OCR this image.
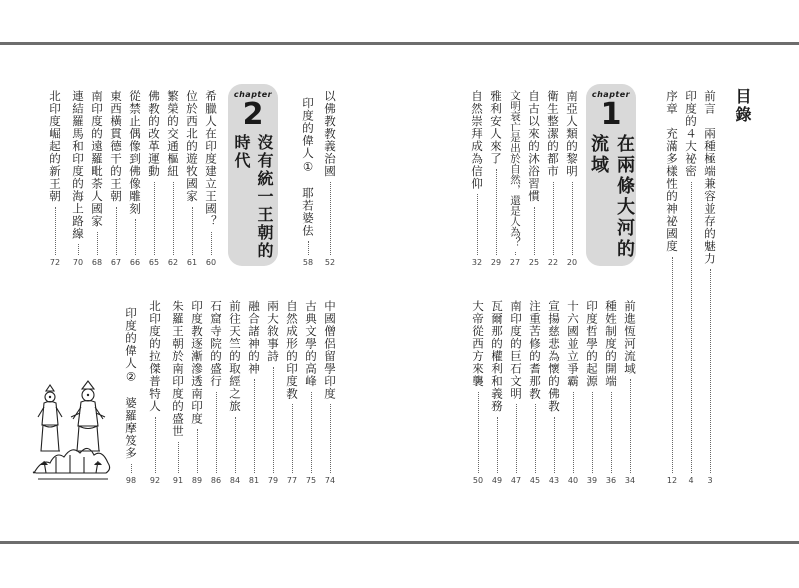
目錄
前言　兩種極端兼容並存的魅力
3
印度的４大祕密
4
序章　充滿多樣性的神祕國度
12
chapter
1
在兩條大河的流域
南亞人類的黎明
20
衛生整潔的都市
22
自古以來的沐浴習慣
25
文明衰亡是出於自然，還是人為？
27
雅利安人來了
29
自然崇拜成為信仰
32
前進恆河流域
34
種姓制度的開端
36
印度哲學的起源
39
十六國並立爭霸
40
宣揚慈悲為懷的佛教
43
注重苦修的耆那教
45
南印度的巨石文明
47
瓦爾那的權利和義務
49
大帝從西方來襲
50
以佛教教義治國
52
印度的偉人①　耶若婆佉
58
chapter
2
沒有統一王朝的時代
希臘人在印度建立王國？
60
位於西北的遊牧國家
61
繁榮的交通樞紐
62
佛教的改革運動
65
從禁止偶像到佛像雕刻
66
東西橫貫德干的王朝
67
南印度的遠羅毗荼人國家
68
連結羅馬和印度的海上路線
70
北印度崛起的新王朝
72
中國僧侶留學印度
74
古典文學的高峰
75
自然成形的印度教
77
兩大敘事詩
79
融合諸神的神
81
前往天竺的取經之旅
84
石窟寺院的盛行
86
印度教逐漸滲透南印度
89
朱羅王朝於南印度的盛世
91
北印度的拉傑普特人
92
印度的偉人②　婆羅摩笈多
98
